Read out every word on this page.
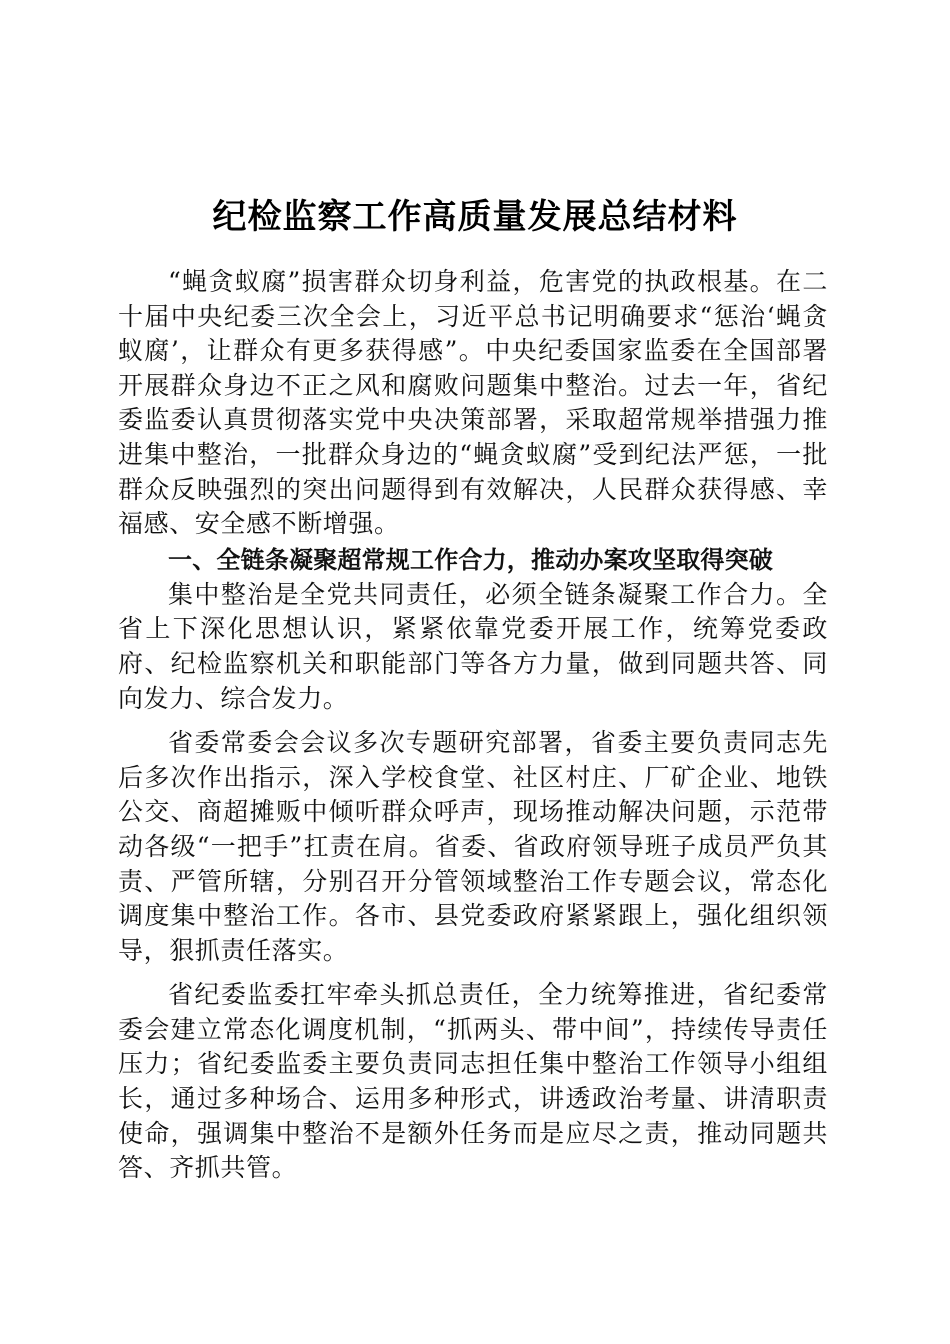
纪检监察工作高质量发展总结材料

“蝇贪蚁腐”损害群众切身利益，危害党的执政根基。在二十届中央纪委三次全会上，习近平总书记明确要求“惩治‘蝇贪蚁腐’，让群众有更多获得感”。中央纪委国家监委在全国部署开展群众身边不正之风和腐败问题集中整治。过去一年，省纪委监委认真贯彻落实党中央决策部署，采取超常规举措强力推进集中整治，一批群众身边的“蝇贪蚁腐”受到纪法严惩，一批群众反映强烈的突出问题得到有效解决，人民群众获得感、幸福感、安全感不断增强。

一、全链条凝聚超常规工作合力，推动办案攻坚取得突破

集中整治是全党共同责任，必须全链条凝聚工作合力。全省上下深化思想认识，紧紧依靠党委开展工作，统筹党委政府、纪检监察机关和职能部门等各方力量，做到同题共答、同向发力、综合发力。

省委常委会会议多次专题研究部署，省委主要负责同志先后多次作出指示，深入学校食堂、社区村庄、厂矿企业、地铁公交、商超摊贩中倾听群众呼声，现场推动解决问题，示范带动各级“一把手”扛责在肩。省委、省政府领导班子成员严负其责、严管所辖，分别召开分管领域整治工作专题会议，常态化调度集中整治工作。各市、县党委政府紧紧跟上，强化组织领导，狠抓责任落实。

省纪委监委扛牢牵头抓总责任，全力统筹推进，省纪委常委会建立常态化调度机制，“抓两头、带中间”，持续传导责任压力；省纪委监委主要负责同志担任集中整治工作领导小组组长，通过多种场合、运用多种形式，讲透政治考量、讲清职责使命，强调集中整治不是额外任务而是应尽之责，推动同题共答、齐抓共管。
